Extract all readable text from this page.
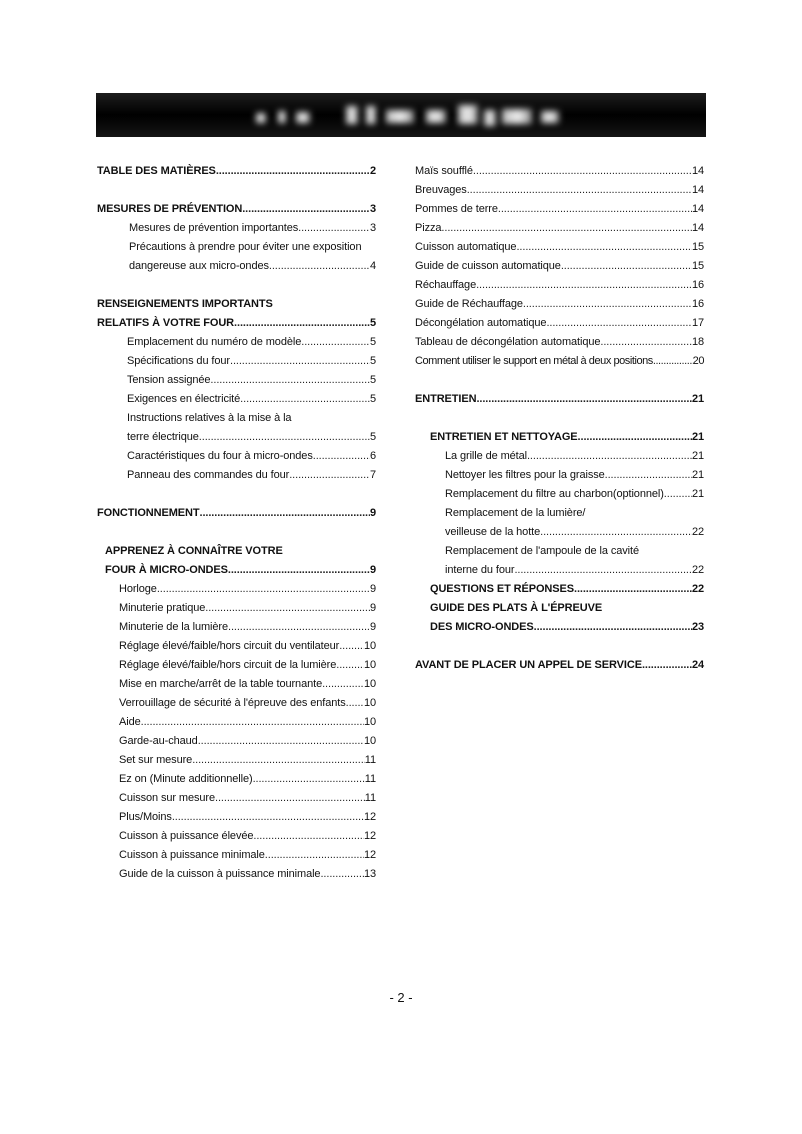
TABLE DES MATIÈRES .....	2
MESURES DE PRÉVENTION .....	3
Mesures de prévention importantes .....	3
Précautions à prendre pour éviter une exposition
dangereuse aux micro-ondes .....	4
RENSEIGNEMENTS IMPORTANTS
RELATIFS À VOTRE FOUR .....	5
Emplacement du numéro de modèle .....	5
Spécifications du four .....	5
Tension assignée .....	5
Exigences en électricité .....	5
Instructions relatives à la mise à la
terre électrique .....	5
Caractéristiques du four à micro-ondes .....	6
Panneau des commandes du four .....	7
FONCTIONNEMENT .....	9
APPRENEZ À CONNAÎTRE VOTRE
FOUR À MICRO-ONDES .....	9
Horloge .....	9
Minuterie pratique .....	9
Minuterie de la lumière .....	9
Réglage élevé/faible/hors circuit du ventilateur ..... 10
Réglage élevé/faible/hors circuit de la lumière .....	10
Mise en marche/arrêt de la table tournante .....	10
Verrouillage de sécurité à l'épreuve des enfants ..... 10
Aide .....	10
Garde-au-chaud .....	10
Set sur mesure .....	11
Ez on (Minute additionnelle) .....	11
Cuisson sur mesure .....	11
Plus/Moins .....	12
Cuisson à puissance élevée .....	12
Cuisson à puissance minimale .....	12
Guide de la cuisson à puissance minimale .....	13
Maïs soufflé .....	14
Breuvages .....	14
Pommes de terre .....	14
Pizza .....	14
Cuisson automatique .....	15
Guide de cuisson automatique .....	15
Réchauffage .....	16
Guide de Réchauffage .....	16
Décongélation automatique .....	17
Tableau de décongélation automatique .....	18
Comment utiliser le support en métal à deux positions .....	20
ENTRETIEN .....	21
ENTRETIEN ET NETTOYAGE .....	21
La grille de métal .....	21
Nettoyer les filtres pour la graisse .....	21
Remplacement du filtre au charbon(optionnel) .....	21
Remplacement de la lumière/
veilleuse de la hotte .....	22
Remplacement de l'ampoule de la cavité
interne du four .....	22
QUESTIONS ET RÉPONSES .....	22
GUIDE DES PLATS À L'ÉPREUVE
DES MICRO-ONDES .....	23
AVANT DE PLACER UN APPEL DE SERVICE .....	24
- 2 -
